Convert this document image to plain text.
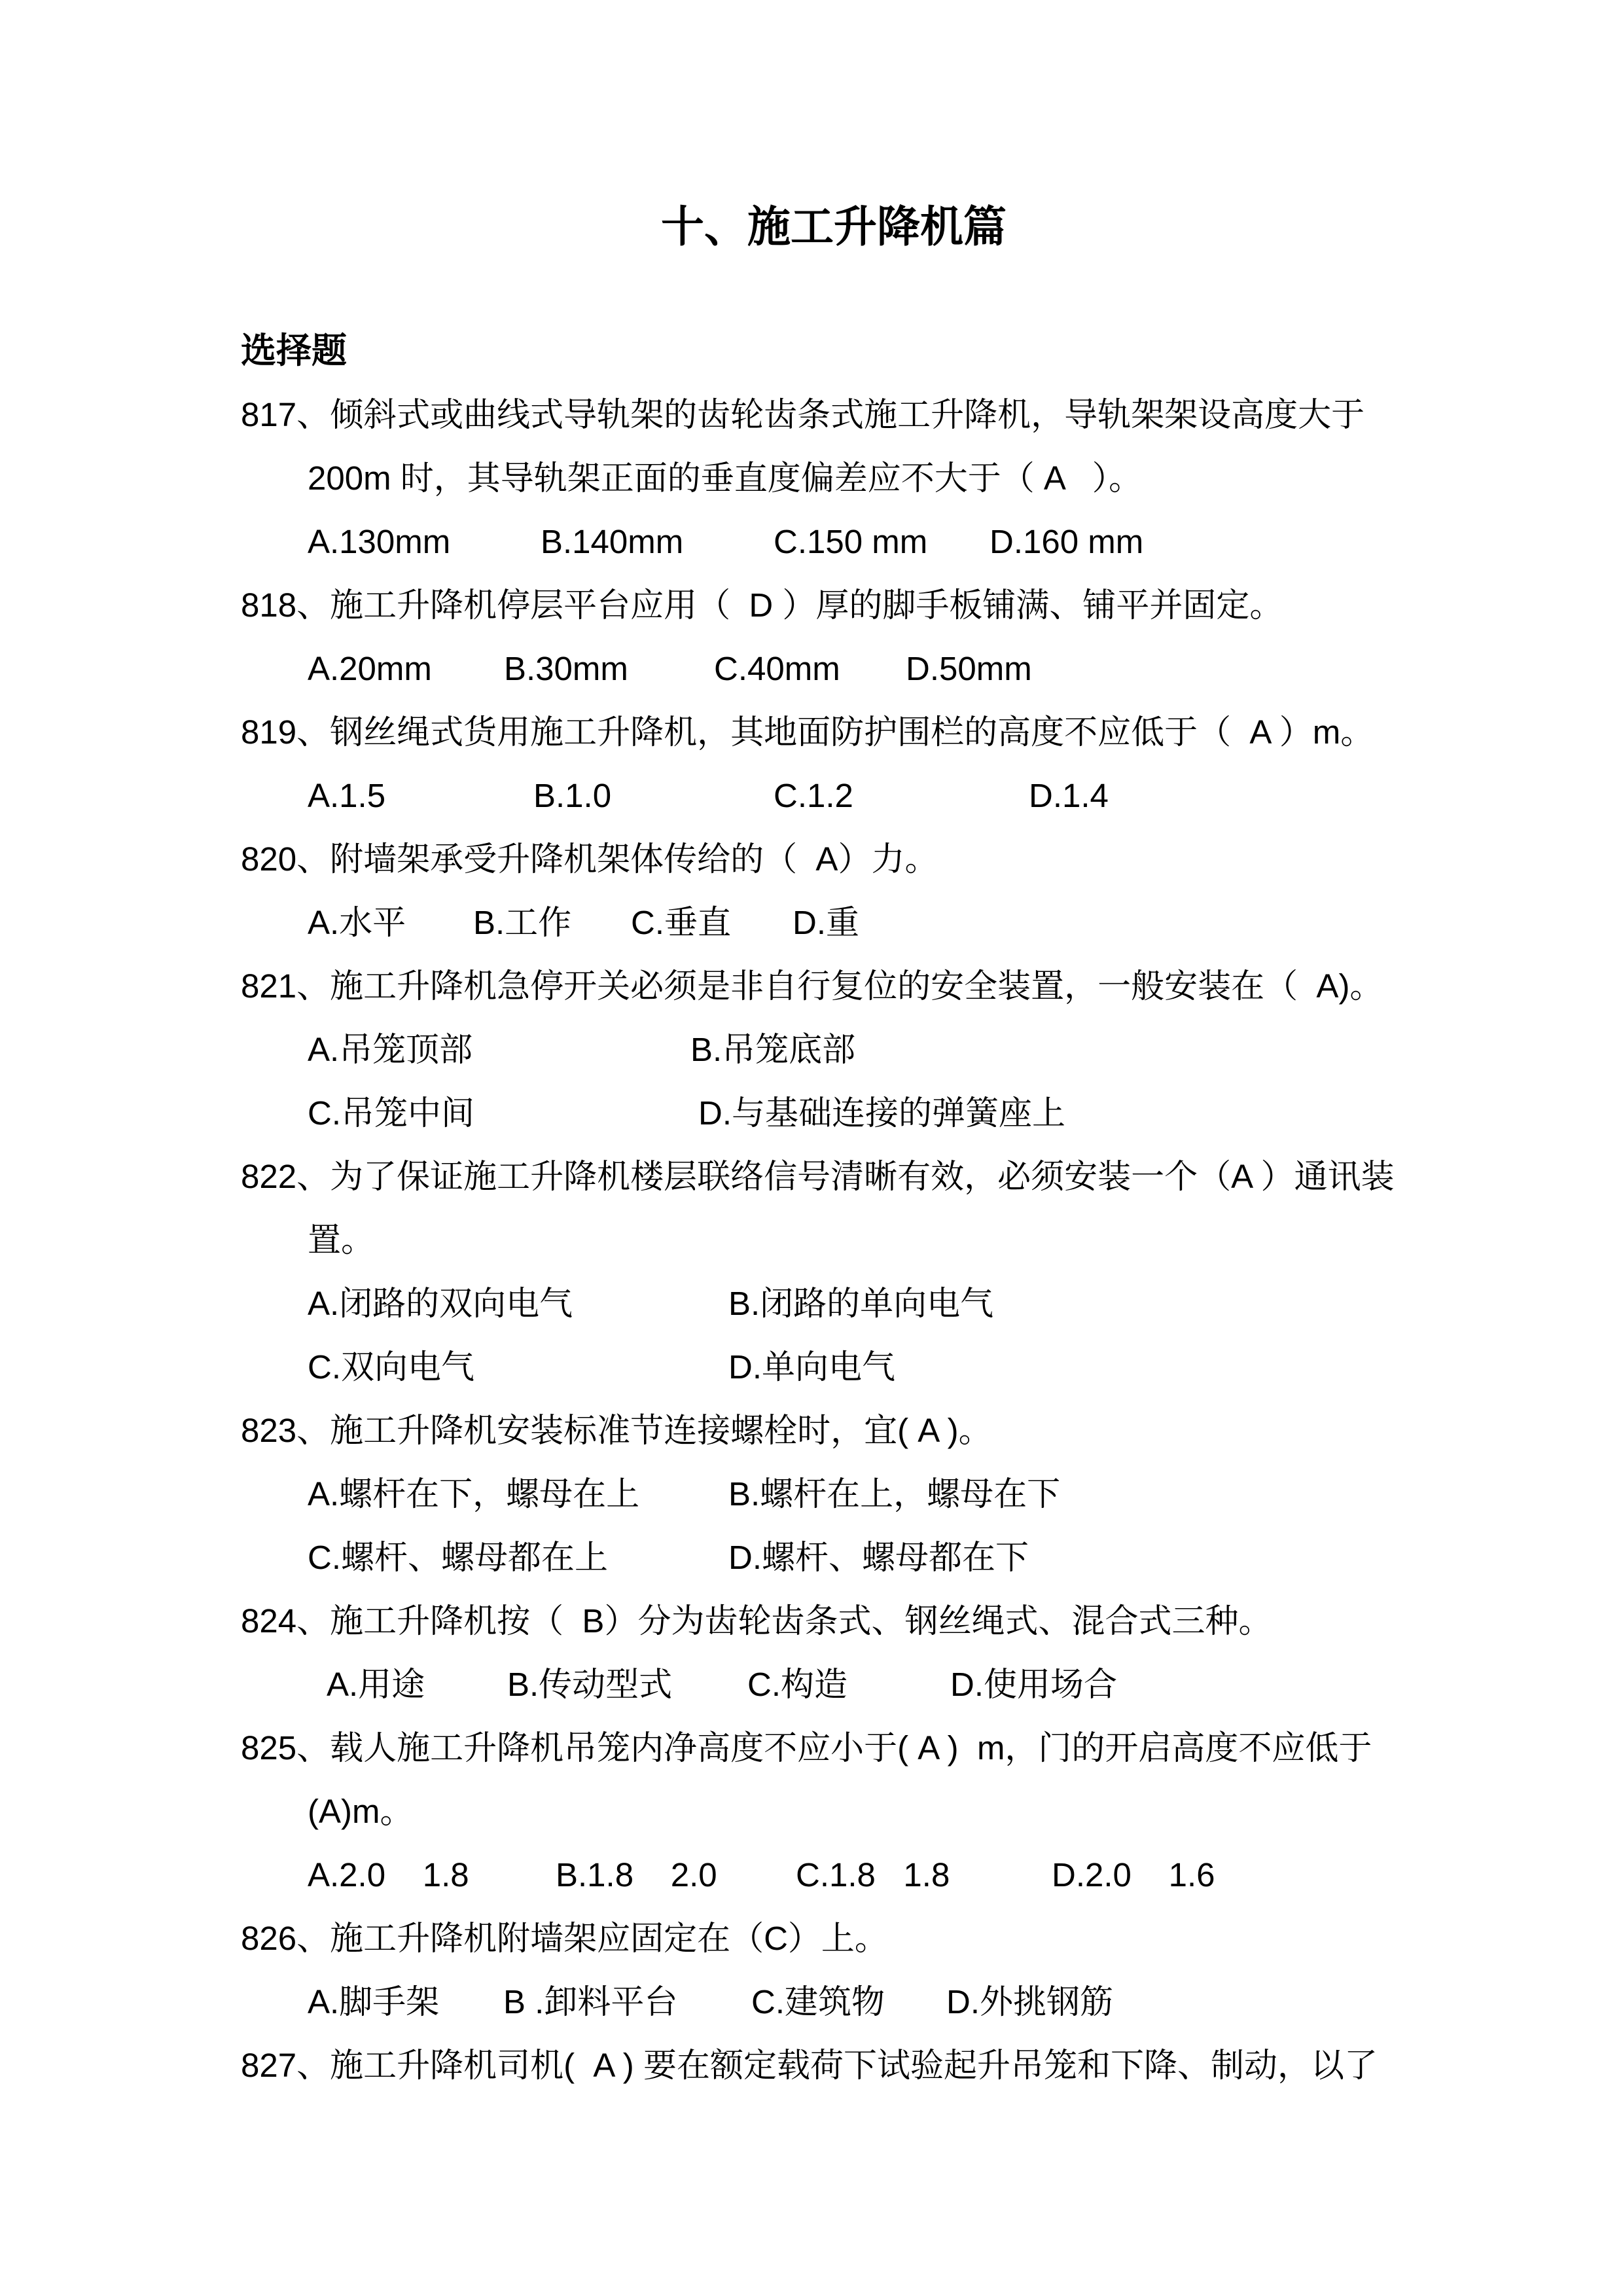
十、施工升降机篇
选择题
817、倾斜式或曲线式导轨架的齿轮齿条式施工升降机，导轨架架设高度大于
200m 时，其导轨架正面的垂直度偏差应不大于（ A   ）。
A.130mm	B.140mm	C.150 mm D.160 mm
818、施工升降机停层平台应用（  D ）厚的脚手板铺满、铺平并固定。
A.20mm B.30mm	C.40mm D.50mm
819、钢丝绳式货用施工升降机，其地面防护围栏的高度不应低于（  A ）m。
A.1.5	B.1.0	C.1.2	D.1.4
820、附墙架承受升降机架体传给的（  A）力。
A.水平 B.工作 C.垂直 D.重
821、施工升降机急停开关必须是非自行复位的安全装置，一般安装在（  A)。
A.吊笼顶部	B.吊笼底部
C.吊笼中间	D.与基础连接的弹簧座上
822、为了保证施工升降机楼层联络信号清晰有效，必须安装一个（A ）通讯装
置。
A.闭路的双向电气	B.闭路的单向电气
C.双向电气	D.单向电气
823、施工升降机安装标准节连接螺栓时，宜( A )。
A.螺杆在下，螺母在上	B.螺杆在上，螺母在下
C.螺杆、螺母都在上	D.螺杆、螺母都在下
824、施工升降机按（  B）分为齿轮齿条式、钢丝绳式、混合式三种。
A.用途 B.传动型式 C.构造	D.使用场合
825、载人施工升降机吊笼内净高度不应小于( A )  m，门的开启高度不应低于
(A)m。
A.2.0    1.8	B.1.8    2.0 C.1.8   1.8	D.2.0    1.6
826、施工升降机附墙架应固定在（C）上。
A.脚手架 B .卸料平台 C.建筑物 D.外挑钢筋
827、施工升降机司机(  A ) 要在额定载荷下试验起升吊笼和下降、制动，以了
